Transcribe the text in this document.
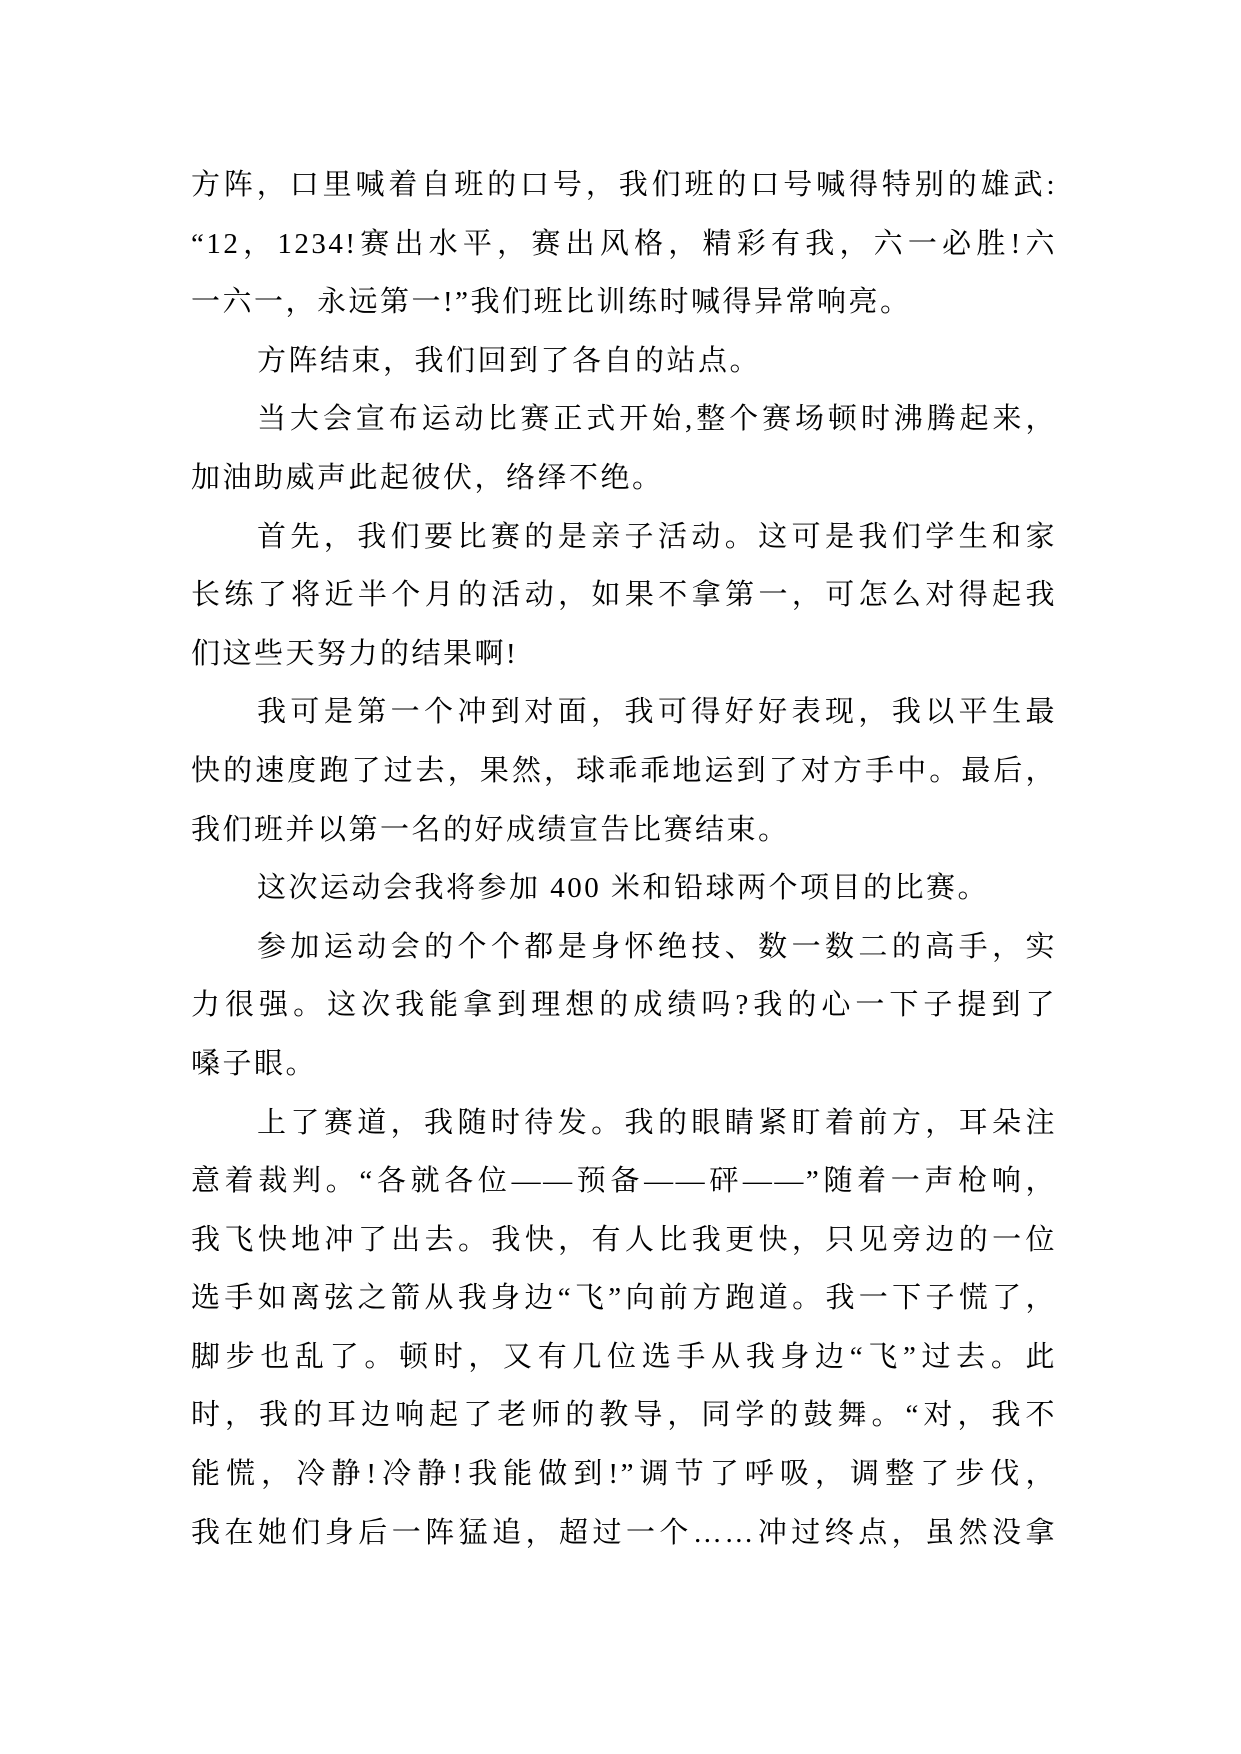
方阵，口里喊着自班的口号，我们班的口号喊得特别的雄武:
“12，1234!赛出水平，赛出风格，精彩有我，六一必胜!六
一六一，永远第一!”我们班比训练时喊得异常响亮。
方阵结束，我们回到了各自的站点。
当大会宣布运动比赛正式开始,整个赛场顿时沸腾起来，
加油助威声此起彼伏，络绎不绝。
首先，我们要比赛的是亲子活动。这可是我们学生和家
长练了将近半个月的活动，如果不拿第一，可怎么对得起我
们这些天努力的结果啊!
我可是第一个冲到对面，我可得好好表现，我以平生最
快的速度跑了过去，果然，球乖乖地运到了对方手中。最后，
我们班并以第一名的好成绩宣告比赛结束。
这次运动会我将参加 400 米和铅球两个项目的比赛。
参加运动会的个个都是身怀绝技、数一数二的高手，实
力很强。这次我能拿到理想的成绩吗?我的心一下子提到了
嗓子眼。
上了赛道，我随时待发。我的眼睛紧盯着前方，耳朵注
意着裁判。“各就各位——预备——砰——”随着一声枪响，
我飞快地冲了出去。我快，有人比我更快，只见旁边的一位
选手如离弦之箭从我身边“飞”向前方跑道。我一下子慌了，
脚步也乱了。顿时，又有几位选手从我身边“飞”过去。此
时，我的耳边响起了老师的教导，同学的鼓舞。“对，我不
能慌，冷静!冷静!我能做到!”调节了呼吸，调整了步伐，
我在她们身后一阵猛追，超过一个……冲过终点，虽然没拿
